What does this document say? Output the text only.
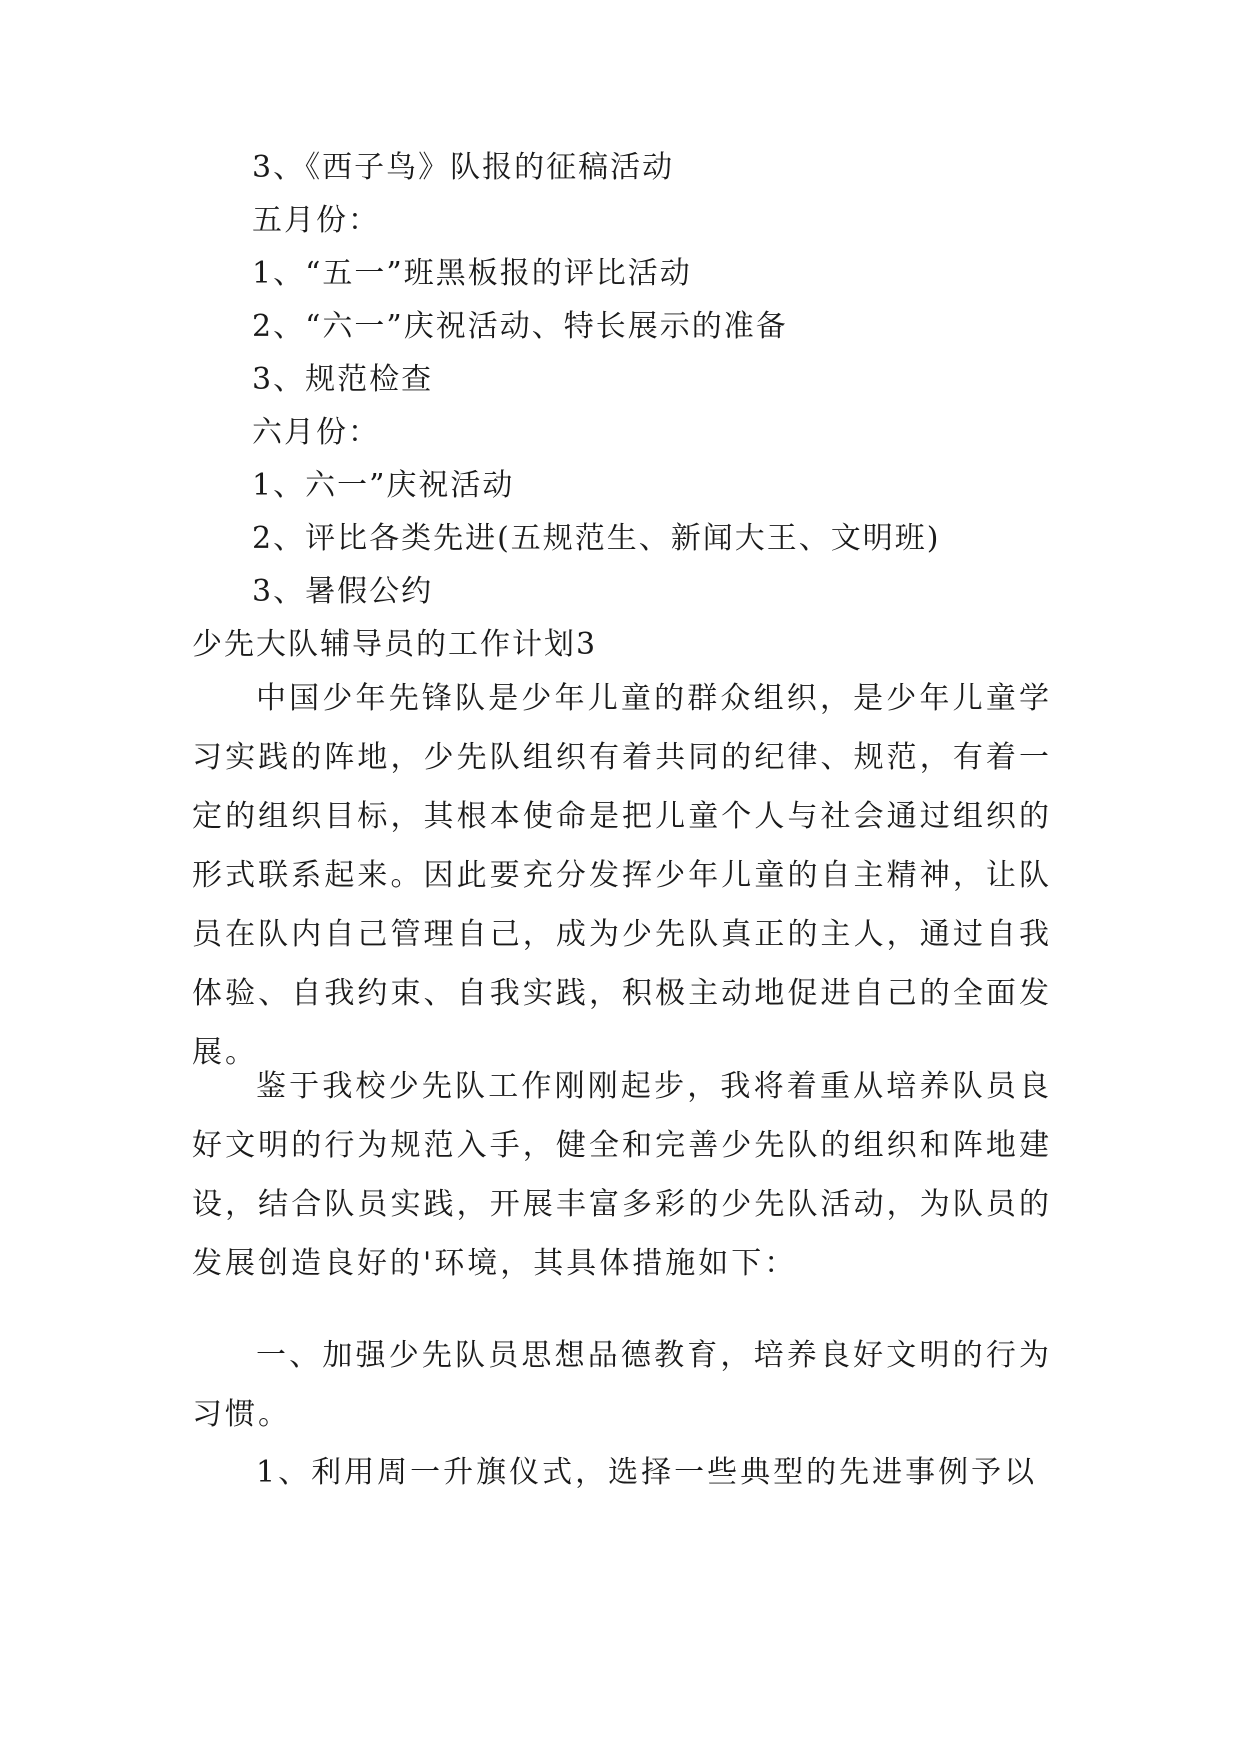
3、《西子鸟》队报的征稿活动
五月份：
1、“五一”班黑板报的评比活动
2、“六一”庆祝活动、特长展示的准备
3、规范检查
六月份：
1、六一”庆祝活动
2、评比各类先进(五规范生、新闻大王、文明班)
3、暑假公约
少先大队辅导员的工作计划3

中国少年先锋队是少年儿童的群众组织，是少年儿童学习实践的阵地，少先队组织有着共同的纪律、规范，有着一定的组织目标，其根本使命是把儿童个人与社会通过组织的形式联系起来。因此要充分发挥少年儿童的自主精神，让队员在队内自己管理自己，成为少先队真正的主人，通过自我体验、自我约束、自我实践，积极主动地促进自己的全面发展。

鉴于我校少先队工作刚刚起步，我将着重从培养队员良好文明的行为规范入手，健全和完善少先队的组织和阵地建设，结合队员实践，开展丰富多彩的少先队活动，为队员的发展创造良好的'环境，其具体措施如下：

一、加强少先队员思想品德教育，培养良好文明的行为习惯。

1、利用周一升旗仪式，选择一些典型的先进事例予以
